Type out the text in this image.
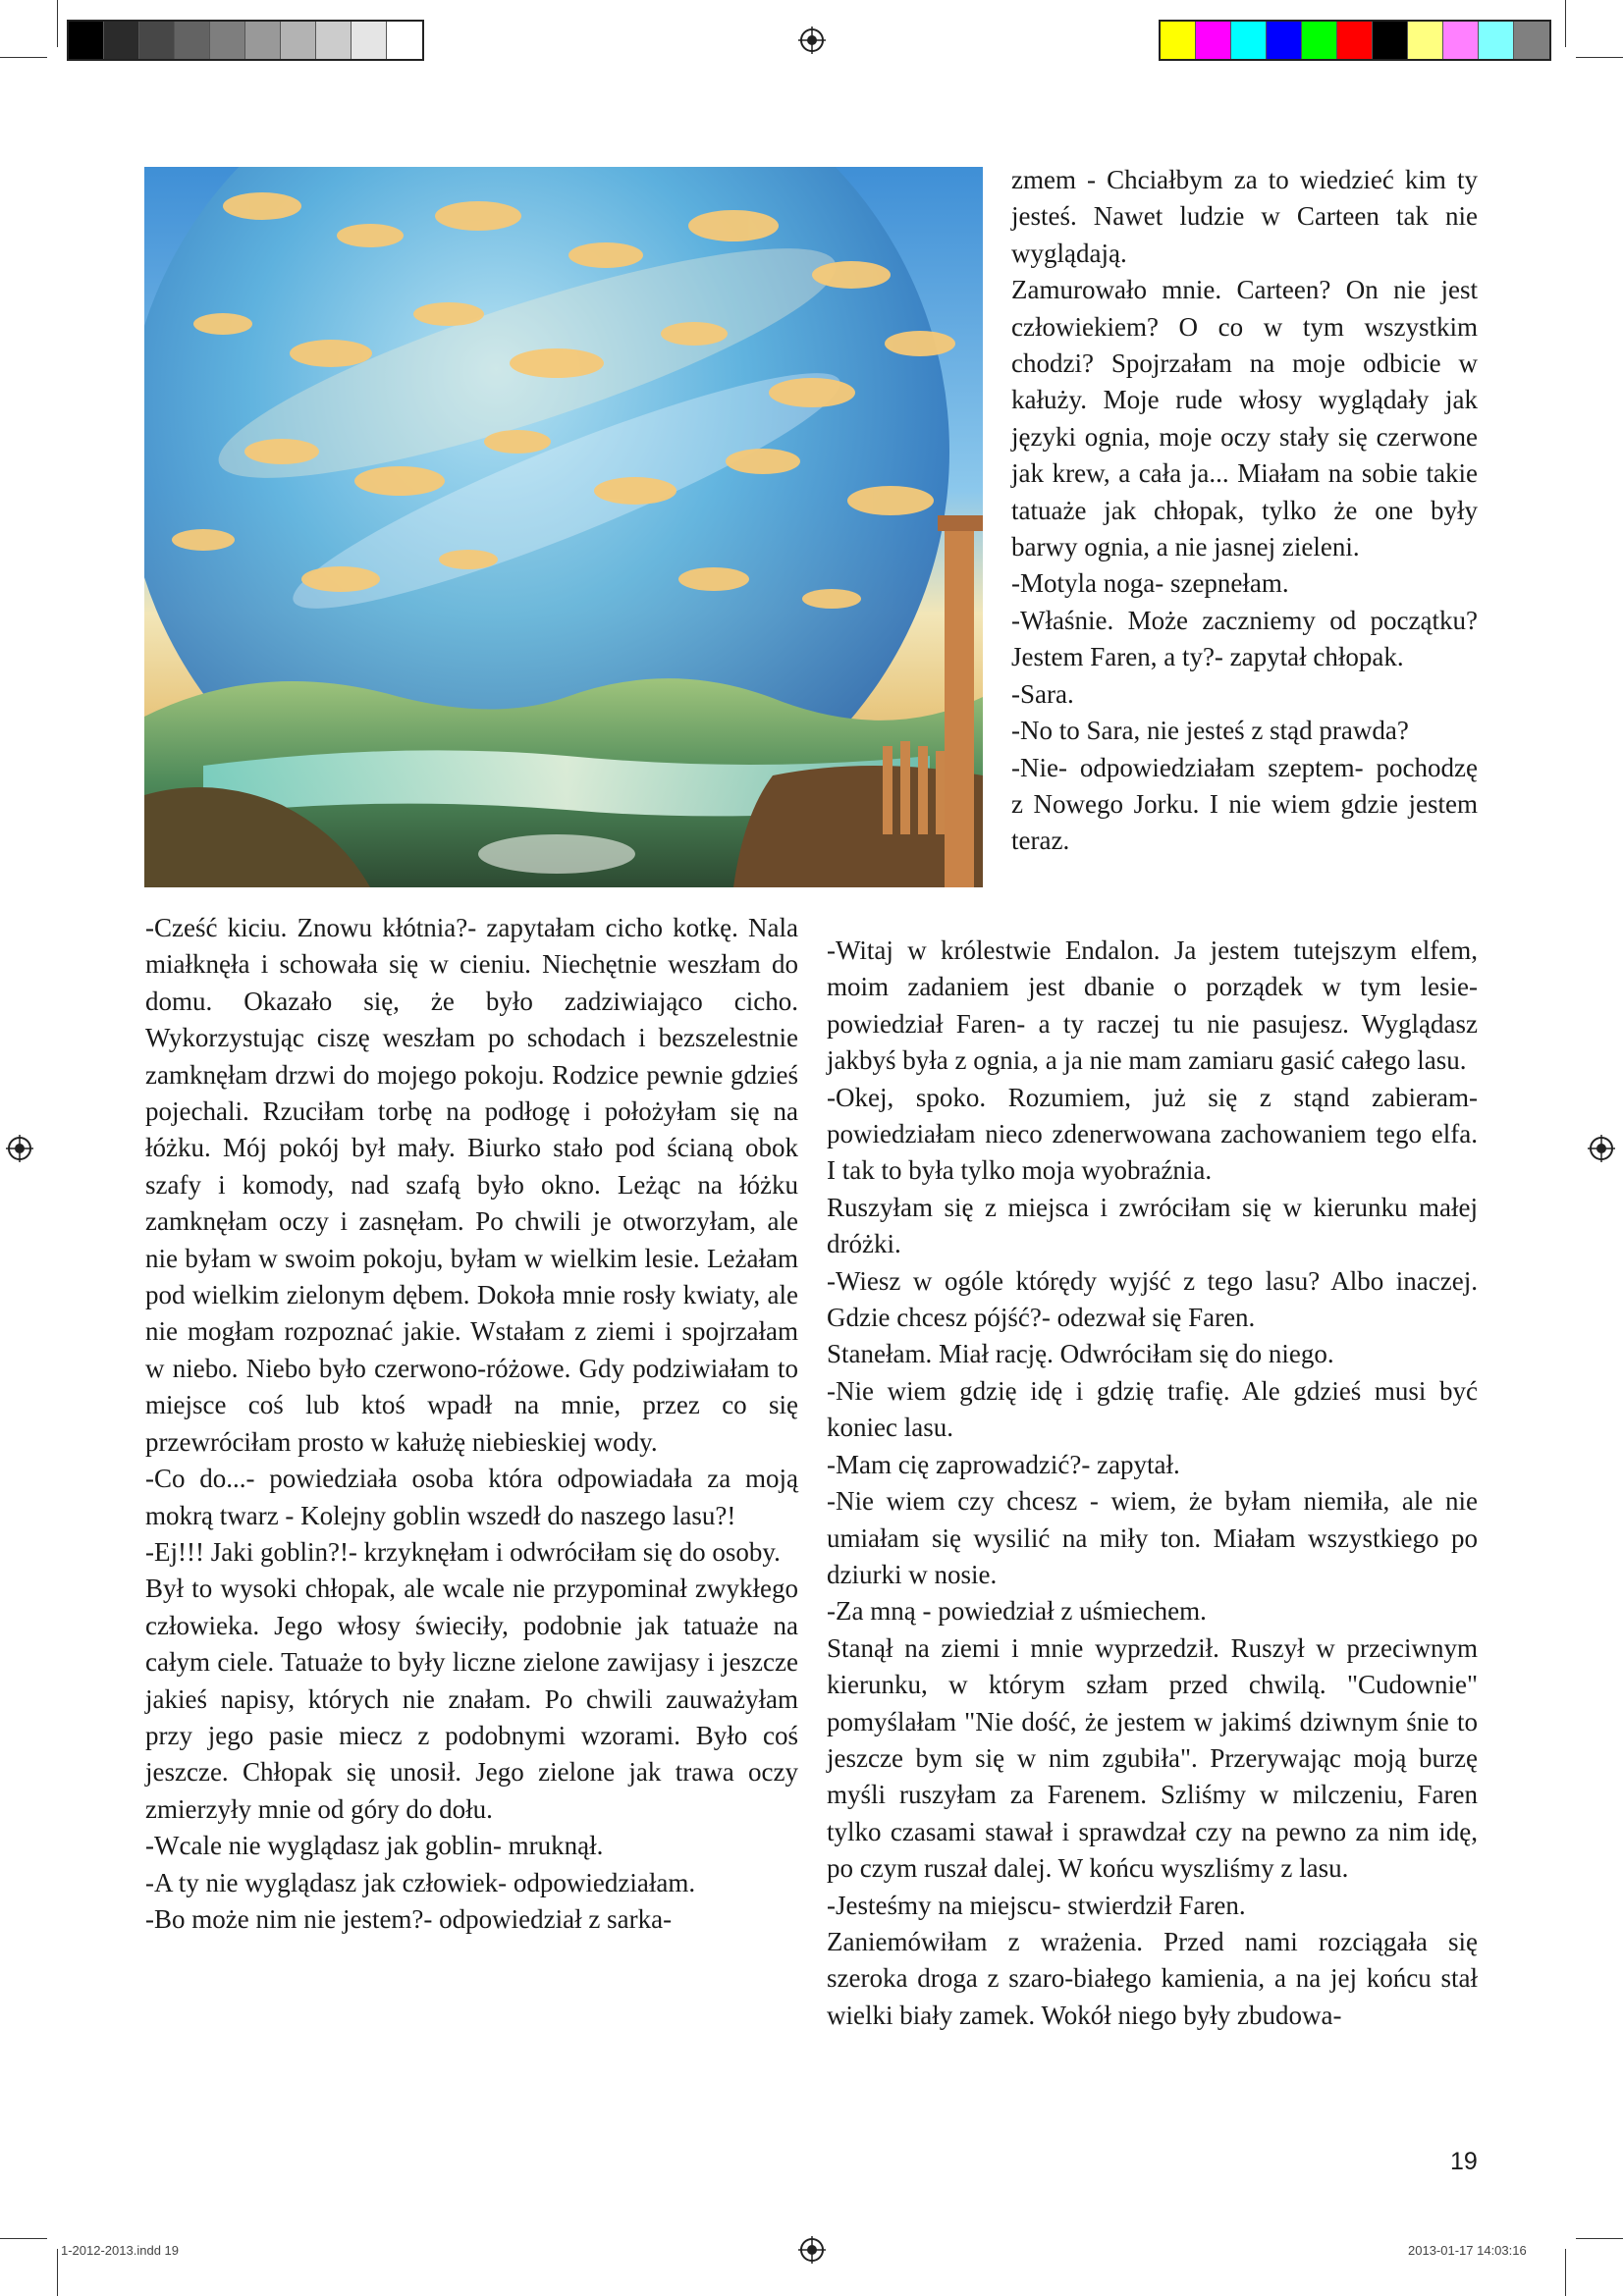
zmem - Chciałbym za to wiedzieć kim ty jesteś. Nawet ludzie w Carteen tak nie wyglądają.

Zamurowało mnie. Carteen? On nie jest człowiekiem? O co w tym wszystkim chodzi? Spojrzałam na moje odbicie w kałuży. Moje rude włosy wyglądały jak języki ognia, moje oczy stały się czerwone jak krew, a cała ja... Miałam na sobie takie tatuaże jak chłopak, tylko że one były barwy ognia, a nie jasnej zieleni.

-Motyla noga- szepnełam.

-Właśnie. Może zaczniemy od początku? Jestem Faren, a ty?- zapytał chłopak.

-Sara.

-No to Sara, nie jesteś z stąd prawda?

-Nie- odpowiedziałam szeptem- pochodzę z Nowego Jorku. I nie wiem gdzie jestem teraz.

-Cześć kiciu. Znowu kłótnia?- zapytałam cicho kotkę. Nala miałknęła i schowała się w cieniu. Niechętnie weszłam do domu. Okazało się, że było zadziwiająco cicho. Wykorzystując ciszę weszłam po schodach i bezszelestnie zamknęłam drzwi do mojego pokoju. Rodzice pewnie gdzieś pojechali. Rzuciłam torbę na podłogę i położyłam się na łóżku. Mój pokój był mały. Biurko stało pod ścianą obok szafy i komody, nad szafą było okno. Leżąc na łóżku zamknęłam oczy i zasnęłam. Po chwili je otworzyłam, ale nie byłam w swoim pokoju, byłam w wielkim lesie. Leżałam pod wielkim zielonym dębem. Dokoła mnie rosły kwiaty, ale nie mogłam rozpoznać jakie. Wstałam z ziemi i spojrzałam w niebo. Niebo było czerwono-różowe. Gdy podziwiałam to miejsce coś lub ktoś wpadł na mnie, przez co się przewróciłam prosto w kałużę niebieskiej wody.

-Co do...- powiedziała osoba która odpowiadała za moją mokrą twarz - Kolejny goblin wszedł do naszego lasu?!

-Ej!!! Jaki goblin?!- krzyknęłam i odwróciłam się do osoby.

Był to wysoki chłopak, ale wcale nie przypominał zwykłego człowieka. Jego włosy świeciły, podobnie jak tatuaże na całym ciele. Tatuaże to były liczne zielone zawijasy i jeszcze jakieś napisy, których nie znałam. Po chwili zauważyłam przy jego pasie miecz z podobnymi wzorami. Było coś jeszcze. Chłopak się unosił. Jego zielone jak trawa oczy zmierzyły mnie od góry do dołu.

-Wcale nie wyglądasz jak goblin- mruknął.

-A ty nie wyglądasz jak człowiek- odpowiedziałam.

-Bo może nim nie jestem?- odpowiedział z sarka-

-Witaj w królestwie Endalon. Ja jestem tutejszym elfem, moim zadaniem jest dbanie o porządek w tym lesie- powiedział Faren- a ty raczej tu nie pasujesz. Wyglądasz jakbyś była z ognia, a ja nie mam zamiaru gasić całego lasu.

-Okej, spoko. Rozumiem, już się z stąnd zabieram- powiedziałam nieco zdenerwowana zachowaniem tego elfa. I tak to była tylko moja wyobraźnia.

Ruszyłam się z miejsca i zwróciłam się w kierunku małej dróżki.

-Wiesz w ogóle którędy wyjść z tego lasu? Albo inaczej. Gdzie chcesz pójść?- odezwał się Faren.

Stanełam. Miał rację. Odwróciłam się do niego.

-Nie wiem gdzię idę i gdzię trafię. Ale gdzieś musi być koniec lasu.

-Mam cię zaprowadzić?- zapytał.

-Nie wiem czy chcesz - wiem, że byłam niemiła, ale nie umiałam się wysilić na miły ton. Miałam wszystkiego po dziurki w nosie.

-Za mną - powiedział z uśmiechem.

Stanął na ziemi i mnie wyprzedził. Ruszył w przeciwnym kierunku, w którym szłam przed chwilą. "Cudownie" pomyślałam "Nie dość, że jestem w jakimś dziwnym śnie to jeszcze bym się w nim zgubiła". Przerywając moją burzę myśli ruszyłam za Farenem. Szliśmy w milczeniu, Faren tylko czasami stawał i sprawdzał czy na pewno za nim idę, po czym ruszał dalej. W końcu wyszliśmy z lasu.

-Jesteśmy na miejscu- stwierdził Faren.

Zaniemówiłam z wrażenia. Przed nami rozciągała się szeroka droga z szaro-białego kamienia, a na jej końcu stał wielki biały zamek. Wokół niego były zbudowa-

19
1-2012-2013.indd 19	2013-01-17 14:03:16
